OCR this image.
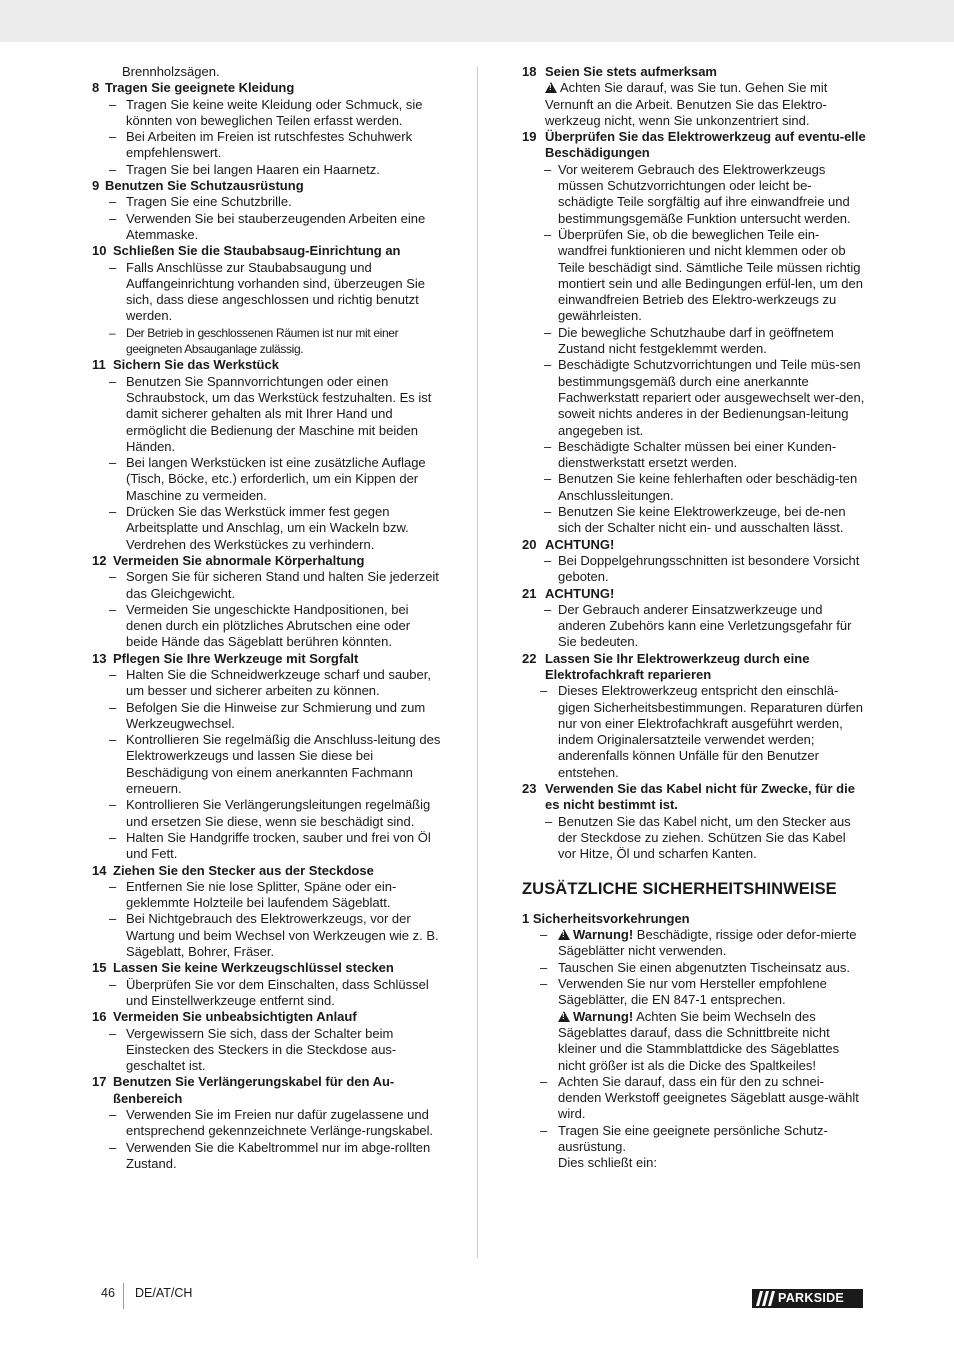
Brennholzsägen.
8 Tragen Sie geeignete Kleidung
– Tragen Sie keine weite Kleidung oder Schmuck, sie könnten von beweglichen Teilen erfasst werden.
– Bei Arbeiten im Freien ist rutschfestes Schuhwerk empfehlenswert.
– Tragen Sie bei langen Haaren ein Haarnetz.
9 Benutzen Sie Schutzausrüstung
– Tragen Sie eine Schutzbrille.
– Verwenden Sie bei stauberzeugenden Arbeiten eine Atemmaske.
10 Schließen Sie die Staubabsaug-Einrichtung an
– Falls Anschlüsse zur Staubabsaugung und Auffangeinrichtung vorhanden sind, überzeugen Sie sich, dass diese angeschlossen und richtig benutzt werden.
– Der Betrieb in geschlossenen Räumen ist nur mit einer geeigneten Absauganlage zulässig.
11 Sichern Sie das Werkstück
– Benutzen Sie Spannvorrichtungen oder einen Schraubstock, um das Werkstück festzuhalten. Es ist damit sicherer gehalten als mit Ihrer Hand und ermöglicht die Bedienung der Maschine mit beiden Händen.
– Bei langen Werkstücken ist eine zusätzliche Auflage (Tisch, Böcke, etc.) erforderlich, um ein Kippen der Maschine zu vermeiden.
– Drücken Sie das Werkstück immer fest gegen Arbeitsplatte und Anschlag, um ein Wackeln bzw. Verdrehen des Werkstückes zu verhindern.
12 Vermeiden Sie abnormale Körperhaltung
– Sorgen Sie für sicheren Stand und halten Sie jederzeit das Gleichgewicht.
– Vermeiden Sie ungeschickte Handpositionen, bei denen durch ein plötzliches Abrutschen eine oder beide Hände das Sägeblatt berühren könnten.
13 Pflegen Sie Ihre Werkzeuge mit Sorgfalt
– Halten Sie die Schneidwerkzeuge scharf und sauber, um besser und sicherer arbeiten zu können.
– Befolgen Sie die Hinweise zur Schmierung und zum Werkzeugwechsel.
– Kontrollieren Sie regelmäßig die Anschluss-leitung des Elektrowerkzeugs und lassen Sie diese bei Beschädigung von einem anerkannten Fachmann erneuern.
– Kontrollieren Sie Verlängerungsleitungen regelmäßig und ersetzen Sie diese, wenn sie beschädigt sind.
– Halten Sie Handgriffe trocken, sauber und frei von Öl und Fett.
14 Ziehen Sie den Stecker aus der Steckdose
– Entfernen Sie nie lose Splitter, Späne oder ein-geklemmte Holzteile bei laufendem Sägeblatt.
– Bei Nichtgebrauch des Elektrowerkzeugs, vor der Wartung und beim Wechsel von Werkzeugen wie z. B. Sägeblatt, Bohrer, Fräser.
15 Lassen Sie keine Werkzeugschlüssel stecken
– Überprüfen Sie vor dem Einschalten, dass Schlüssel und Einstellwerkzeuge entfernt sind.
16 Vermeiden Sie unbeabsichtigten Anlauf
– Vergewissern Sie sich, dass der Schalter beim Einstecken des Steckers in die Steckdose aus-geschaltet ist.
17 Benutzen Sie Verlängerungskabel für den Au-ßenbereich
– Verwenden Sie im Freien nur dafür zugelassene und entsprechend gekennzeichnete Verlänge-rungskabel.
– Verwenden Sie die Kabeltrommel nur im abge-rollten Zustand.
18 Seien Sie stets aufmerksam
!Achten Sie darauf, was Sie tun. Gehen Sie mit Vernunft an die Arbeit. Benutzen Sie das Elektro-werkzeug nicht, wenn Sie unkonzentriert sind.
19 Überprüfen Sie das Elektrowerkzeug auf eventu-elle Beschädigungen
– Vor weiterem Gebrauch des Elektrowerkzeugs müssen Schutzvorrichtungen oder leicht be-schädigte Teile sorgfältig auf ihre einwandfreie und bestimmungsgemäße Funktion untersucht werden.
– Überprüfen Sie, ob die beweglichen Teile ein-wandfrei funktionieren und nicht klemmen oder ob Teile beschädigt sind. Sämtliche Teile müssen richtig montiert sein und alle Bedingungen erfül-len, um den einwandfreien Betrieb des Elektro-werkzeugs zu gewährleisten.
– Die bewegliche Schutzhaube darf in geöffnetem Zustand nicht festgeklemmt werden.
– Beschädigte Schutzvorrichtungen und Teile müs-sen bestimmungsgemäß durch eine anerkannte Fachwerkstatt repariert oder ausgewechselt wer-den, soweit nichts anderes in der Bedienungsan-leitung angegeben ist.
– Beschädigte Schalter müssen bei einer Kunden-dienstwerkstatt ersetzt werden.
– Benutzen Sie keine fehlerhaften oder beschädig-ten Anschlussleitungen.
– Benutzen Sie keine Elektrowerkzeuge, bei de-nen sich der Schalter nicht ein- und ausschalten lässt.
20 ACHTUNG!
– Bei Doppelgehrungsschnitten ist besondere Vorsicht geboten.
21 ACHTUNG!
– Der Gebrauch anderer Einsatzwerkzeuge und anderen Zubehörs kann eine Verletzungsgefahr für Sie bedeuten.
22 Lassen Sie Ihr Elektrowerkzeug durch eine Elektrofachkraft reparieren
– Dieses Elektrowerkzeug entspricht den einschlä-gigen Sicherheitsbestimmungen. Reparaturen dürfen nur von einer Elektrofachkraft ausgeführt werden, indem Originalersatzteile verwendet werden; anderenfalls können Unfälle für den Benutzer entstehen.
23 Verwenden Sie das Kabel nicht für Zwecke, für die es nicht bestimmt ist.
– Benutzen Sie das Kabel nicht, um den Stecker aus der Steckdose zu ziehen. Schützen Sie das Kabel vor Hitze, Öl und scharfen Kanten.
ZUSÄTZLICHE SICHERHEITSHINWEISE
1 Sicherheitsvorkehrungen
–
! Warnung! Beschädigte, rissige oder defor-mierte Sägeblätter nicht verwenden.
– Tauschen Sie einen abgenutzten Tischeinsatz aus.
– Verwenden Sie nur vom Hersteller empfohlene Sägeblätter, die EN 847-1 entsprechen.
!Warnung! Achten Sie beim Wechseln des Sägeblattes darauf, dass die Schnittbreite nicht kleiner und die Stammblattdicke des Sägeblattes nicht größer ist als die Dicke des Spaltkeiles!
– Achten Sie darauf, dass ein für den zu schnei-denden Werkstoff geeignetes Sägeblatt ausge-wählt wird.
– Tragen Sie eine geeignete persönliche Schutz-ausrüstung.
Dies schließt ein:
46 DE/AT/CH	PARKSIDE
